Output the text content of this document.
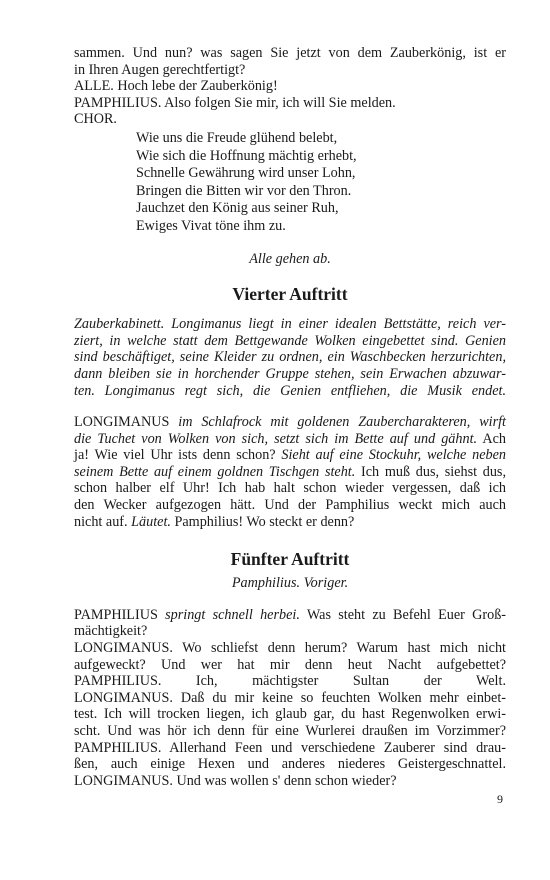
sammen. Und nun? was sagen Sie jetzt von dem Zauberkönig, ist er

in Ihren Augen gerechtfertigt?

ALLE. Hoch lebe der Zauberkönig!

PAMPHILIUS. Also folgen Sie mir, ich will Sie melden.

CHOR.

Wie uns die Freude glühend belebt,
Wie sich die Hoffnung mächtig erhebt,
Schnelle Gewährung wird unser Lohn,
Bringen die Bitten wir vor den Thron.
Jauchzet den König aus seiner Ruh,
Ewiges Vivat töne ihm zu.

Alle gehen ab.

Vierter Auftritt

Zauberkabinett. Longimanus liegt in einer idealen Bettstätte, reich ver-

ziert, in welche statt dem Bettgewande Wolken eingebettet sind. Genien

sind beschäftiget, seine Kleider zu ordnen, ein Waschbecken herzurichten,

dann bleiben sie in horchender Gruppe stehen, sein Erwachen abzuwar-

ten. Longimanus regt sich, die Genien entfliehen, die Musik endet.

LONGIMANUS im Schlafrock mit goldenen Zaubercharakteren, wirft

die Tuchet von Wolken von sich, setzt sich im Bette auf und gähnt. Ach

ja! Wie viel Uhr ists denn schon? Sieht auf eine Stockuhr, welche neben

seinem Bette auf einem goldnen Tischgen steht. Ich muß dus, siehst dus,

schon halber elf Uhr! Ich hab halt schon wieder vergessen, daß ich

den Wecker aufgezogen hätt. Und der Pamphilius weckt mich auch

nicht auf. Läutet. Pamphilius! Wo steckt er denn?

Fünfter Auftritt

Pamphilius. Voriger.

PAMPHILIUS springt schnell herbei. Was steht zu Befehl Euer Groß-

mächtigkeit?

LONGIMANUS. Wo schliefst denn herum? Warum hast mich nicht

aufgeweckt? Und wer hat mir denn heut Nacht aufgebettet?

PAMPHILIUS. Ich, mächtigster Sultan der Welt.

LONGIMANUS. Daß du mir keine so feuchten Wolken mehr einbet-

test. Ich will trocken liegen, ich glaub gar, du hast Regenwolken erwi-

scht. Und was hör ich denn für eine Wurlerei draußen im Vorzimmer?

PAMPHILIUS. Allerhand Feen und verschiedene Zauberer sind drau-

ßen, auch einige Hexen und anderes niederes Geistergeschnattel.

LONGIMANUS. Und was wollen s' denn schon wieder?

9
